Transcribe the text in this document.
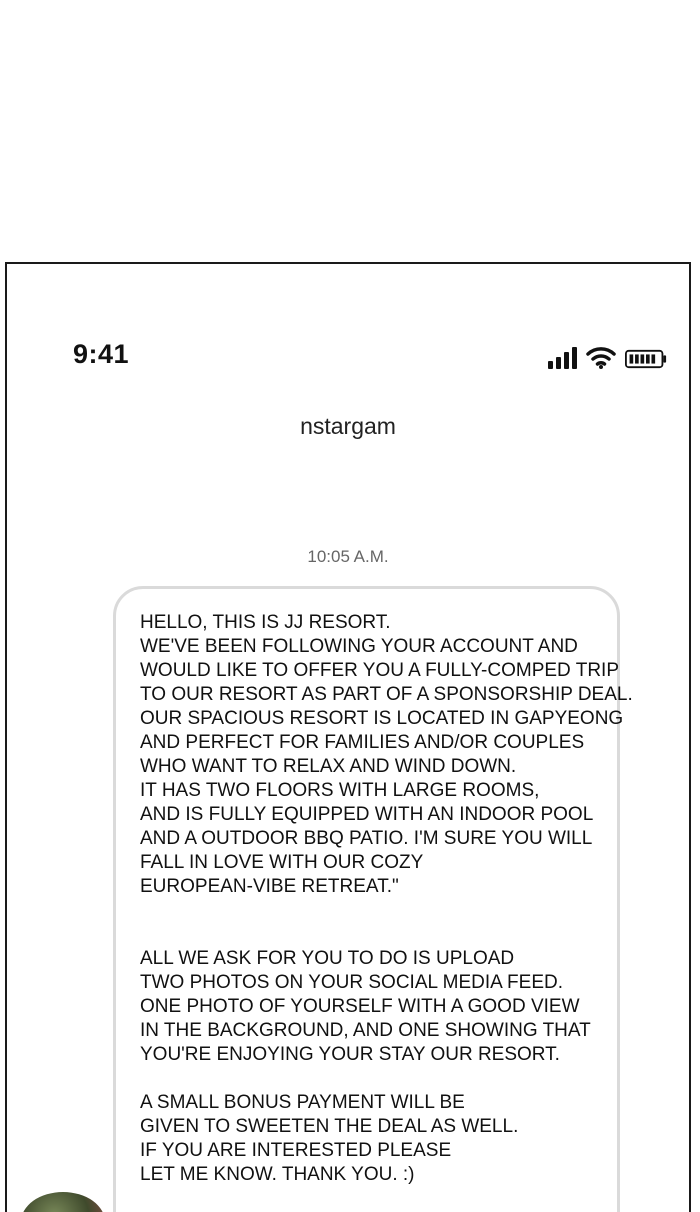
9:41
nstargam
10:05 A.M.
HELLO, THIS IS JJ RESORT.
WE'VE BEEN FOLLOWING YOUR ACCOUNT AND
WOULD LIKE TO OFFER YOU A FULLY-COMPED TRIP
TO OUR RESORT AS PART OF A SPONSORSHIP DEAL.
OUR SPACIOUS RESORT IS LOCATED IN GAPYEONG
AND PERFECT FOR FAMILIES AND/OR COUPLES
WHO WANT TO RELAX AND WIND DOWN.
IT HAS TWO FLOORS WITH LARGE ROOMS,
AND IS FULLY EQUIPPED WITH AN INDOOR POOL
AND A OUTDOOR BBQ PATIO. I'M SURE YOU WILL
FALL IN LOVE WITH OUR COZY
EUROPEAN-VIBE RETREAT."

ALL WE ASK FOR YOU TO DO IS UPLOAD
TWO PHOTOS ON YOUR SOCIAL MEDIA FEED.
ONE PHOTO OF YOURSELF WITH A GOOD VIEW
IN THE BACKGROUND, AND ONE SHOWING THAT
YOU'RE ENJOYING YOUR STAY OUR RESORT.

A SMALL BONUS PAYMENT WILL BE
GIVEN TO SWEETEN THE DEAL AS WELL.
IF YOU ARE INTERESTED PLEASE
LET ME KNOW. THANK YOU. :)
